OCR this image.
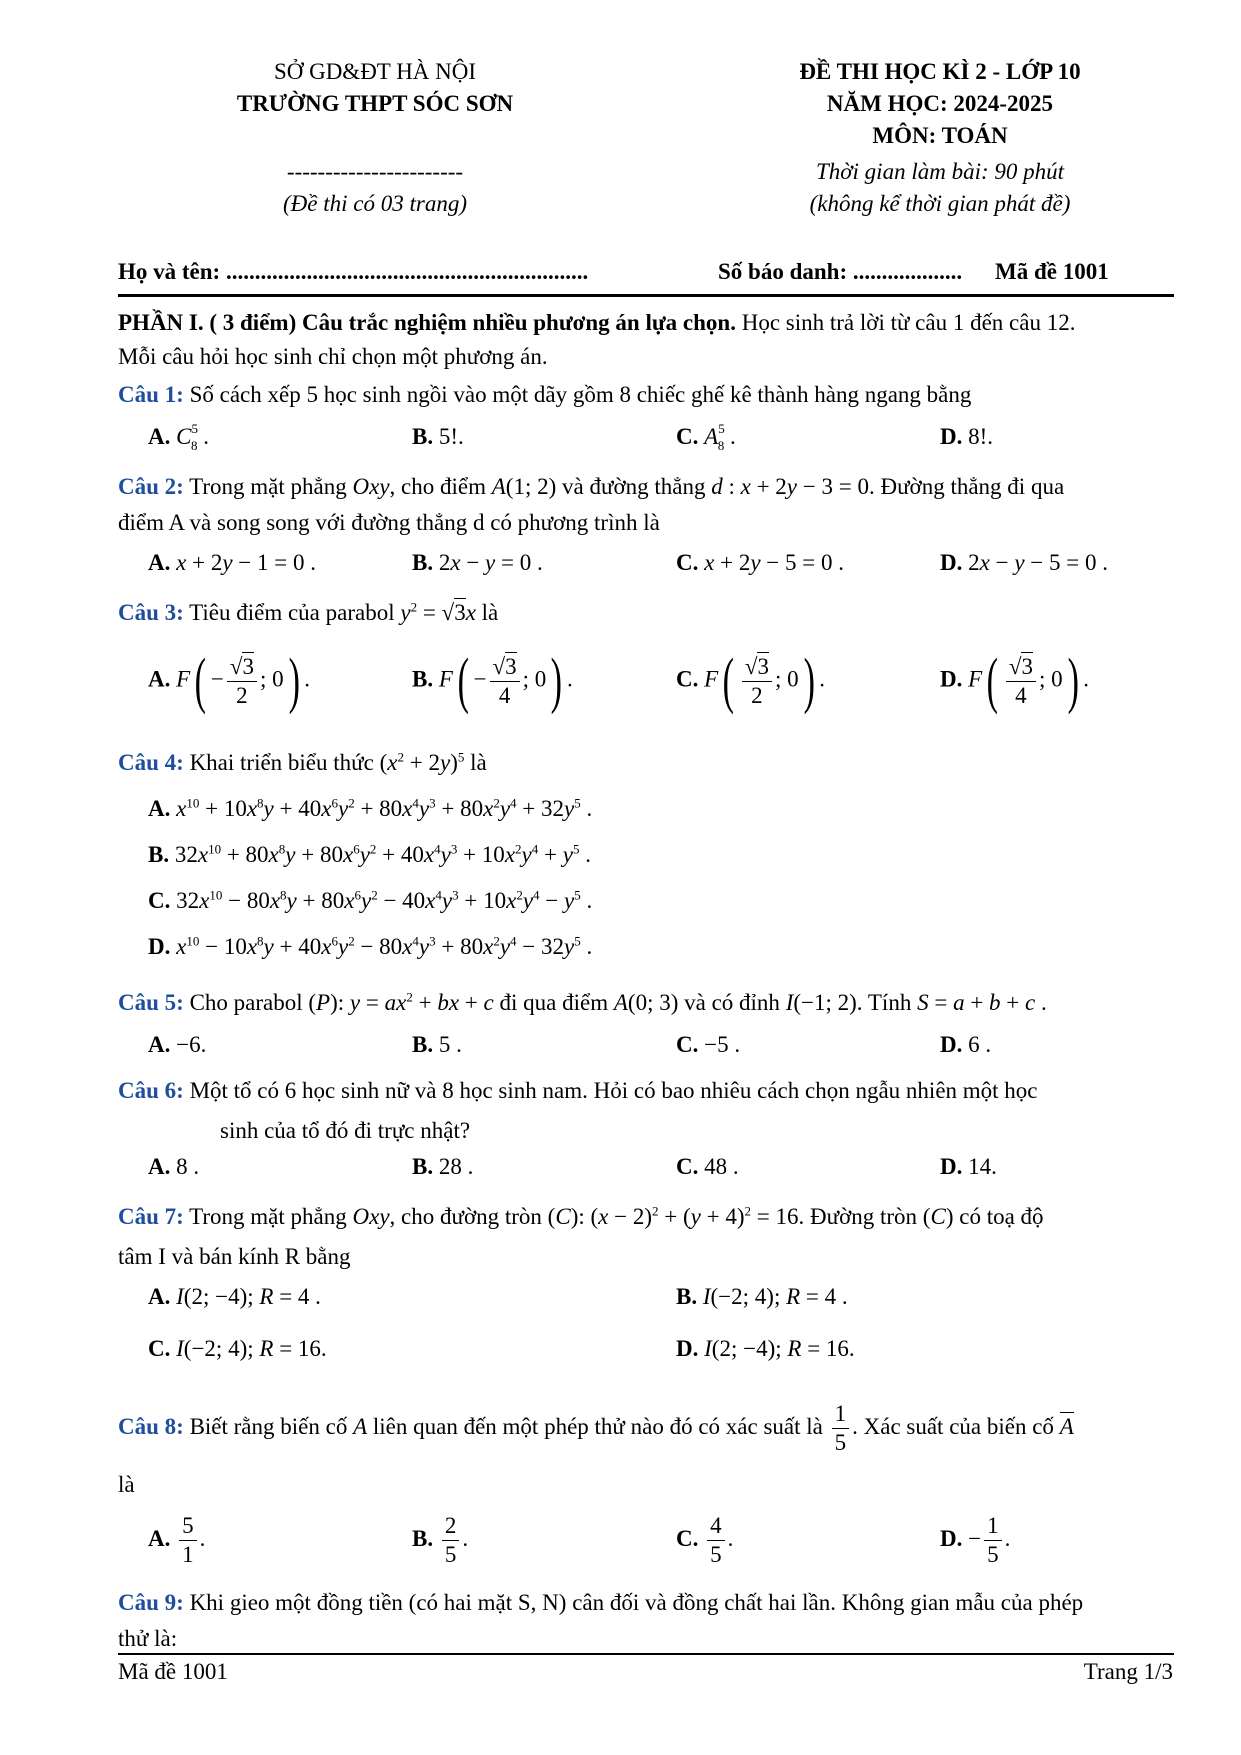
SỞ GD&ĐT HÀ NỘI
TRƯỜNG THPT SÓC SƠN
-----------------------
(Đề thi có 03 trang)
ĐỀ THI HỌC KÌ 2 - LỚP 10
NĂM HỌC: 2024-2025
MÔN: TOÁN
Thời gian làm bài: 90 phút
(không kể thời gian phát đề)
Họ và tên: ...............................................................	Số báo danh: ................... Mã đề 1001
PHẦN I. ( 3 điểm) Câu trắc nghiệm nhiều phương án lựa chọn. Học sinh trả lời từ câu 1 đến câu 12.
Mỗi câu hỏi học sinh chỉ chọn một phương án.
Câu 1: Số cách xếp 5 học sinh ngồi vào một dãy gồm 8 chiếc ghế kê thành hàng ngang bằng
A. $C^5_8$ .	B. 5!.	C. $A^5_8$ .	D. 8!.
Câu 2: Trong mặt phẳng Oxy, cho điểm A(1; 2) và đường thẳng d : x + 2y − 3 = 0. Đường thẳng đi qua
điểm A và song song với đường thẳng d có phương trình là
A. x + 2y − 1 = 0 .	B. 2x − y = 0 .	C. x + 2y − 5 = 0 .	D. 2x − y − 5 = 0 .
Câu 3: Tiêu điểm của parabol $y^2 = √3x$ là
A. $F( - \frac{√3}{2}$ ; 0) .	B. $F( - \frac{√3}{4}$ ; 0) .	C. $F( \frac{√3}{2}$ ; 0) .	D. $F( \frac{√3}{4}$ ; 0) .
Câu 4: Khai triển biểu thức $(x^2 + 2y)^5$ là
A. $x^{10} + 10x^8y + 40x^6y^2 + 80x^4y^3 + 80x^2y^4 + 32y^5$ .
B. $32x^{10} + 80x^8y + 80x^6y^2 + 40x^4y^3 + 10x^2y^4 + y^5$ .
C. $32x^{10} - 80x^8y + 80x^6y^2 - 40x^4y^3 + 10x^2y^4 - y^5$ .
D. $x^{10} - 10x^8y + 40x^6y^2 - 80x^4y^3 + 80x^2y^4 - 32y^5$ .
Câu 5: Cho parabol (P): $y = ax^2$ + bx + c đi qua điểm A(0; 3) và có đỉnh I(−1; 2). Tính S = a + b + c .
A. −6.	B. 5 .	C. −5 .	D. 6 .
Câu 6: Một tổ có 6 học sinh nữ và 8 học sinh nam. Hỏi có bao nhiêu cách chọn ngẫu nhiên một học
sinh của tổ đó đi trực nhật?
A. 8 .	B. 28 .	C. 48 .	D. 14.
Câu 7: Trong mặt phẳng Oxy, cho đường tròn (C): $(x - 2)^2 + (y + 4)^2 = 16$. Đường tròn (C) có toạ độ
tâm I và bán kính R bằng
A. I(2; −4); R = 4 .	B. I(−2; 4); R = 4 .
C. I(−2; 4); R = 16.	D. I(2; −4); R = 16.
Câu 8: Biết rằng biến cố A liên quan đến một phép thử nào đó có xác suất là $\frac{1}{5}$ . Xác suất của biến cố A
là
A. $\frac{5}{1}$ .	B. $\frac{2}{5}$ .	C. $\frac{4}{5}$ .	D. − $\frac{1}{5}$ .
Câu 9: Khi gieo một đồng tiền (có hai mặt S, N) cân đối và đồng chất hai lần. Không gian mẫu của phép
thử là:
Mã đề 1001	Trang 1/3
